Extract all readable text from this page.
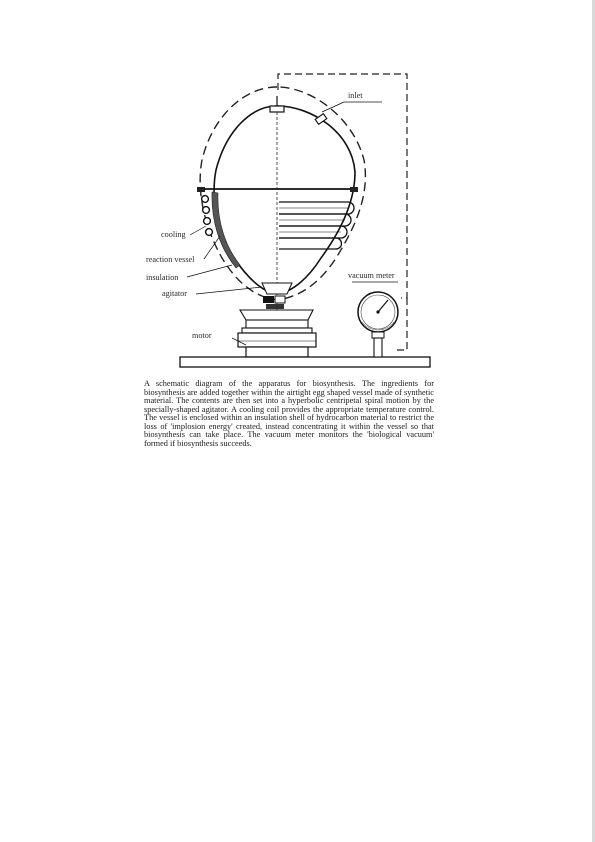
inlet
cooling
reaction vessel
insulation
agitator
motor
vacuum meter

A schematic diagram of the apparatus for biosynthesis. The ingredients for biosynthesis are added together within the airtight egg shaped vessel made of synthetic material. The contents are then set into a hyperbolic centripetal spiral motion by the specially-shaped agitator. A cooling coil provides the appropriate temperature control. The vessel is enclosed within an insulation shell of hydrocarbon material to restrict the loss of 'implosion energy' created, instead concentrating it within the vessel so that biosynthesis can take place. The vacuum meter monitors the 'biological vacuum' formed if biosynthesis succeeds.
